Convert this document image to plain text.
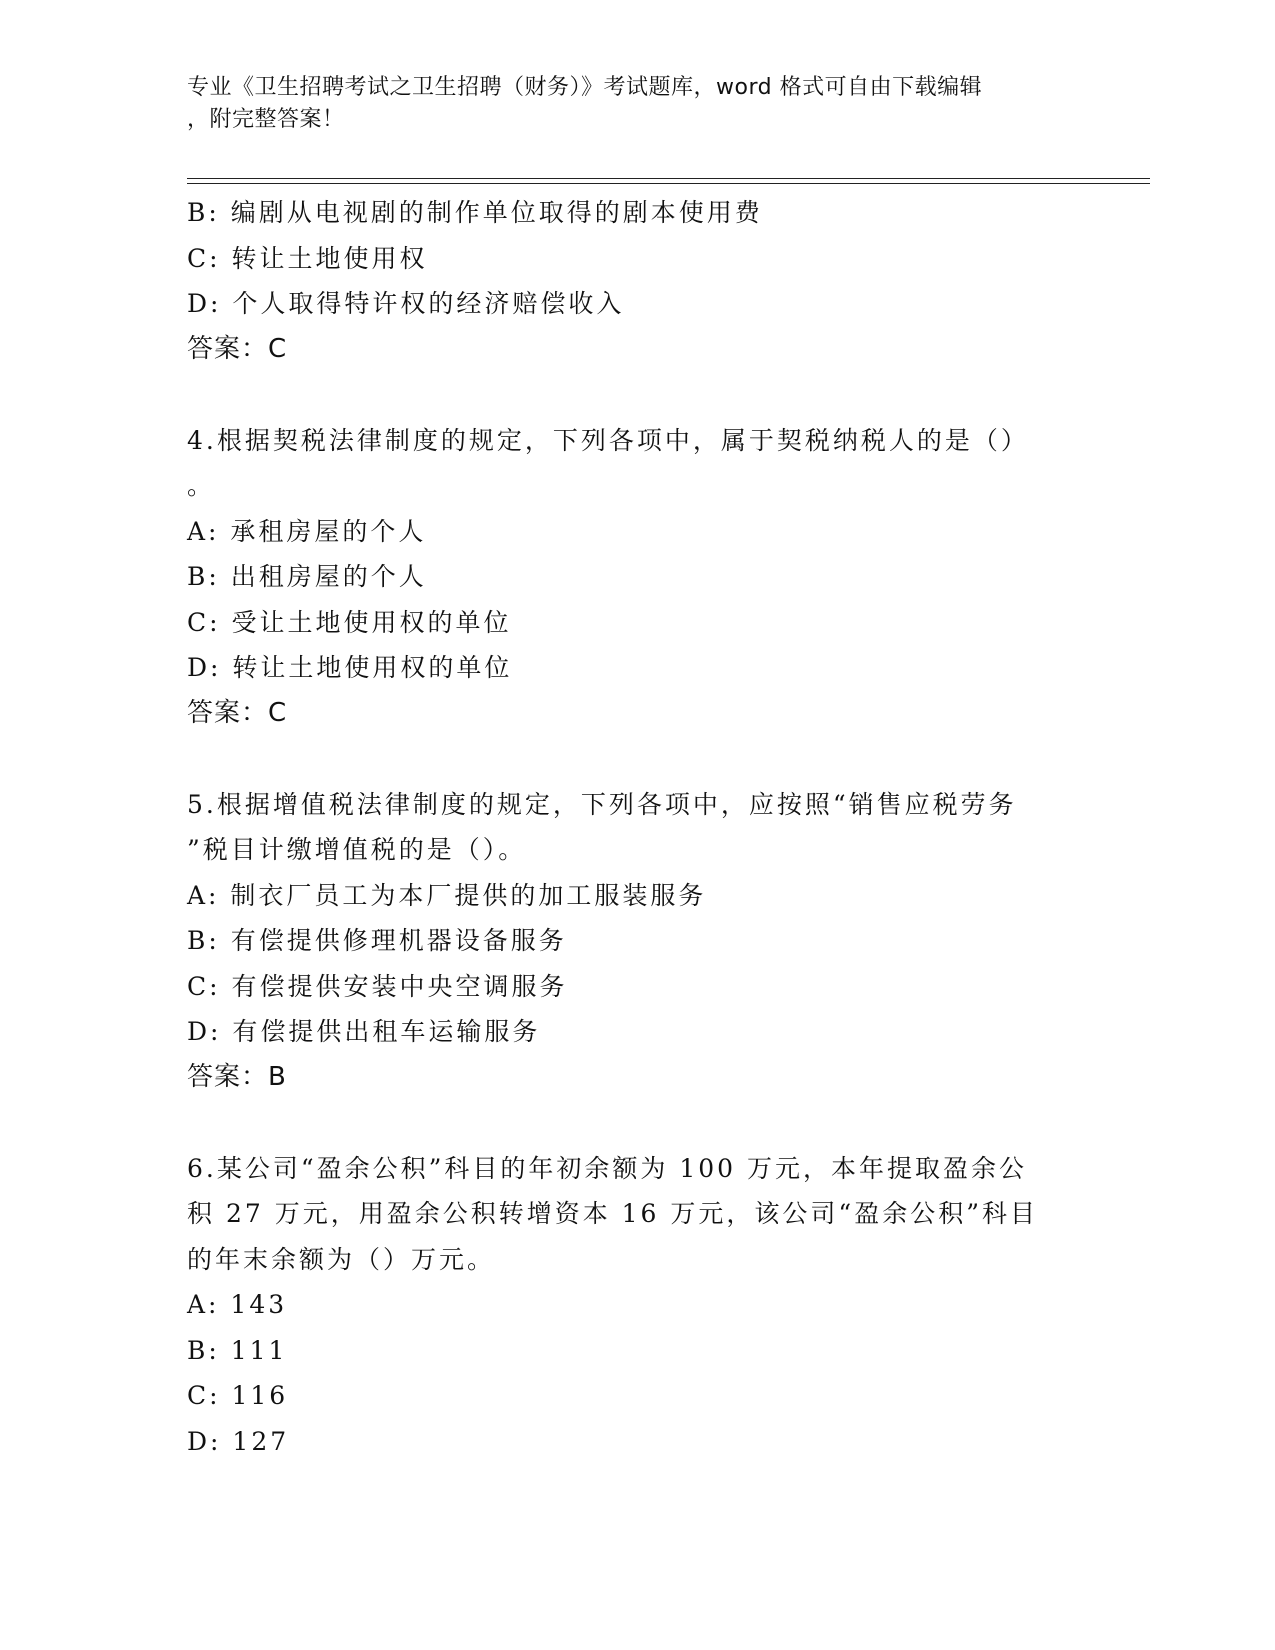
专业《卫生招聘考试之卫生招聘（财务）》考试题库，word 格式可自由下载编辑
，附完整答案！
B: 编剧从电视剧的制作单位取得的剧本使用费
C: 转让土地使用权
D: 个人取得特许权的经济赔偿收入
答案：C
4.根据契税法律制度的规定，下列各项中，属于契税纳税人的是（）
。
A: 承租房屋的个人
B: 出租房屋的个人
C: 受让土地使用权的单位
D: 转让土地使用权的单位
答案：C
5.根据增值税法律制度的规定，下列各项中，应按照“销售应税劳务
”税目计缴增值税的是（）。
A: 制衣厂员工为本厂提供的加工服装服务
B: 有偿提供修理机器设备服务
C: 有偿提供安装中央空调服务
D: 有偿提供出租车运输服务
答案：B
6.某公司“盈余公积”科目的年初余额为 100 万元，本年提取盈余公
积 27 万元，用盈余公积转增资本 16 万元，该公司“盈余公积”科目
的年末余额为（）万元。
A: 143
B: 111
C: 116
D: 127
